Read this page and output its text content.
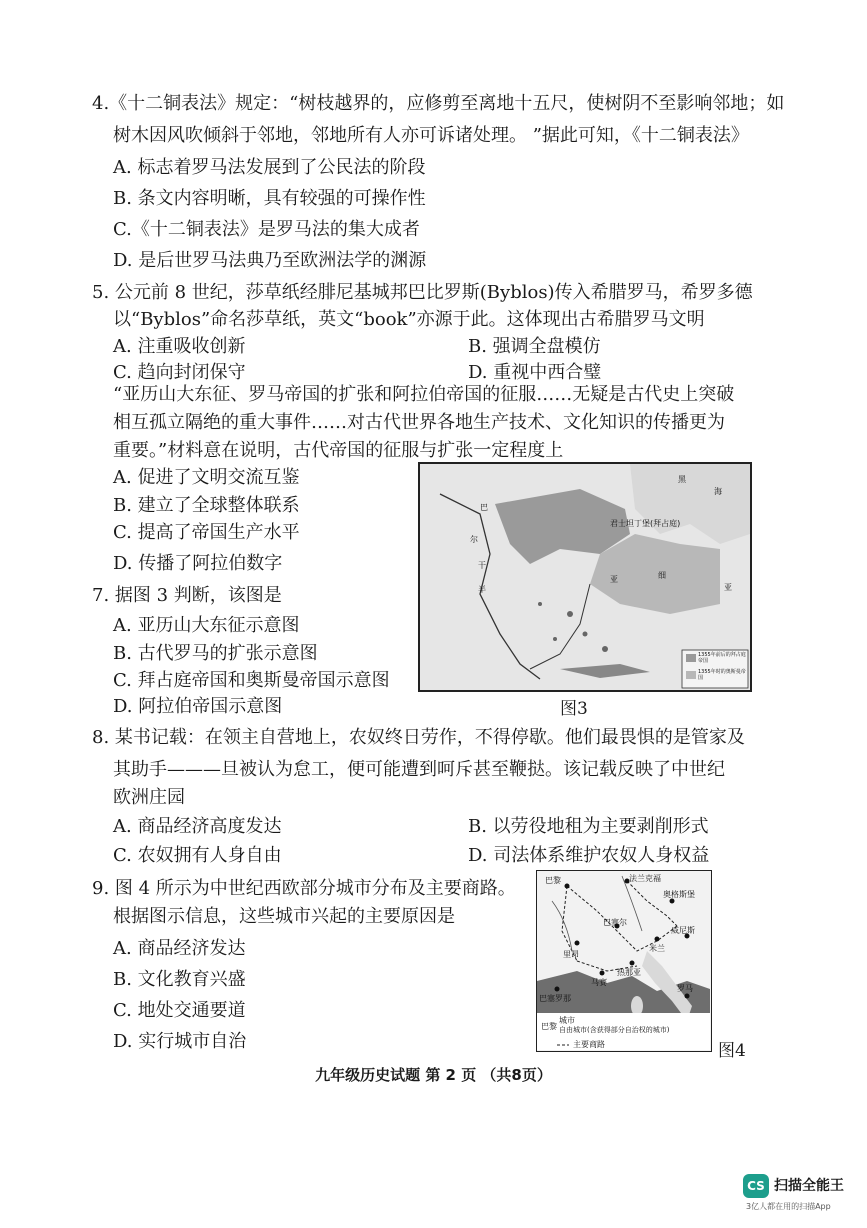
4.《十二铜表法》规定：“树枝越界的，应修剪至离地十五尺，使树阴不至影响邻地；如
树木因风吹倾斜于邻地，邻地所有人亦可诉诸处理。 ”据此可知，《十二铜表法》
A. 标志着罗马法发展到了公民法的阶段
B. 条文内容明晰，具有较强的可操作性
C.《十二铜表法》是罗马法的集大成者
D. 是后世罗马法典乃至欧洲法学的渊源
5. 公元前 8 世纪，莎草纸经腓尼基城邦巴比罗斯(Byblos)传入希腊罗马，希罗多德
以“Byblos”命名莎草纸，英文“book”亦源于此。这体现出古希腊罗马文明
A. 注重吸收创新	B. 强调全盘模仿
C. 趋向封闭保守	D. 重视中西合璧
“亚历山大东征、罗马帝国的扩张和阿拉伯帝国的征服……无疑是古代史上突破
相互孤立隔绝的重大事件……对古代世界各地生产技术、文化知识的传播更为
重要。”材料意在说明，古代帝国的征服与扩张一定程度上
A. 促进了文明交流互鉴
B. 建立了全球整体联系
C. 提高了帝国生产水平
D. 传播了阿拉伯数字
7. 据图 3 判断，该图是
A. 亚历山大东征示意图
B. 古代罗马的扩张示意图
C. 拜占庭帝国和奥斯曼帝国示意图
D. 阿拉伯帝国示意图
巴
尔
干
半
君士坦丁堡(拜占庭)
黑
海
亚	细
亚
1355年前后的拜占庭帝国
1355年时的奥斯曼帝国
图3
8. 某书记载：在领主自营地上，农奴终日劳作，不得停歇。他们最畏惧的是管家及
其助手———旦被认为怠工，便可能遭到呵斥甚至鞭挞。该记载反映了中世纪
欧洲庄园
A. 商品经济高度发达	B. 以劳役地租为主要剥削形式
C. 农奴拥有人身自由	D. 司法体系维护农奴人身权益
9. 图 4 所示为中世纪西欧部分城市分布及主要商路。
根据图示信息，这些城市兴起的主要原因是
A. 商品经济发达
B. 文化教育兴盛
C. 地处交通要道
D. 实行城市自治
巴黎	法兰克福
奥格斯堡
里昂
巴塞尔
米兰
威尼斯
热那亚
马赛
巴塞罗那
罗马
巴黎
城市
自由城市(含获得部分自治权的城市)
主要商路	图4
九年级历史试题 第 2 页 （共8页）
CS 扫描全能王
3亿人都在用的扫描App
